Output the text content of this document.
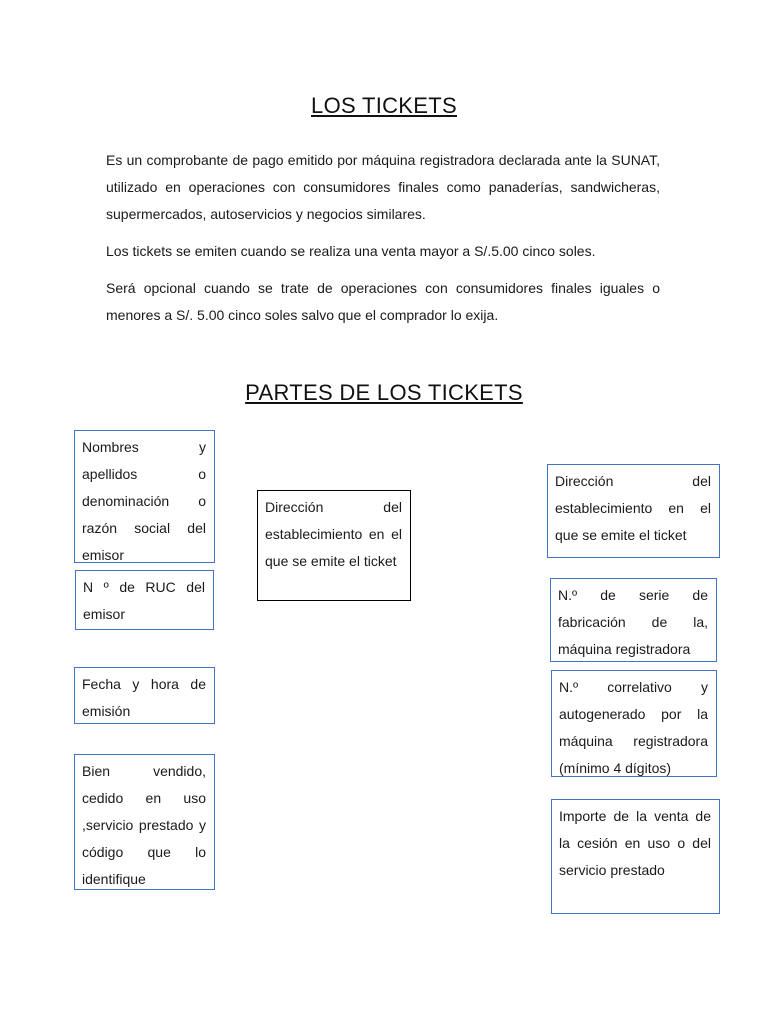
LOS TICKETS

Es un comprobante de pago emitido por máquina registradora declarada ante la SUNAT, utilizado en operaciones con consumidores finales como panaderías, sandwicheras, supermercados, autoservicios y negocios similares.

Los tickets se emiten cuando se realiza una venta mayor a S/.5.00 cinco soles.

Será opcional cuando se trate de operaciones con consumidores finales iguales o menores a S/. 5.00 cinco soles salvo que el comprador lo exija.

PARTES DE LOS TICKETS
Nombres y apellidos o denominación o razón social del emisor
N º de RUC del emisor
Fecha y hora de emisión
Bien vendido, cedido en uso ,servicio prestado y código que lo identifique
Dirección del establecimiento en el que se emite el ticket
Dirección del establecimiento en el que se emite el ticket
N.º de serie de fabricación de la, máquina registradora
N.º correlativo y autogenerado por la máquina registradora (mínimo 4 dígitos)
Importe de la venta de la cesión en uso o del servicio prestado
